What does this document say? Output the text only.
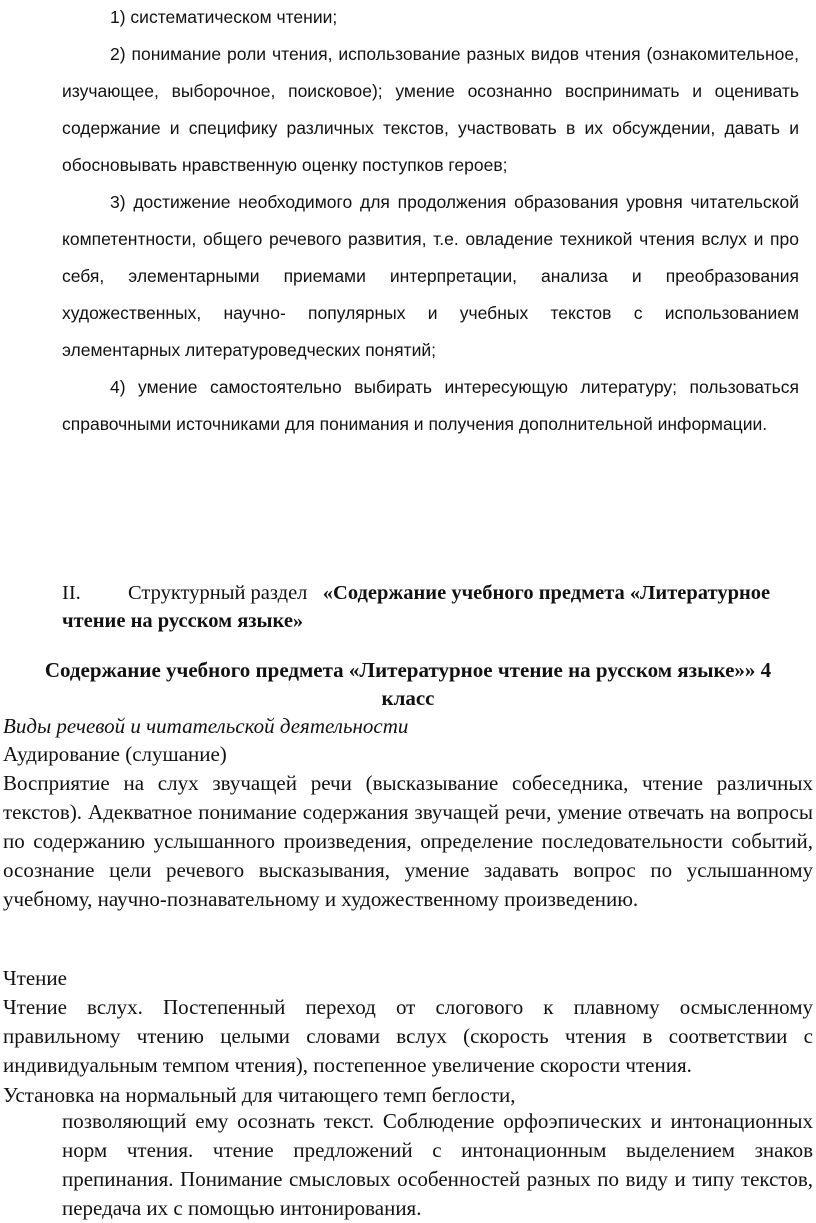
1) систематическом чтении;

2) понимание роли чтения, использование разных видов чтения (ознакомительное, изучающее, выборочное, поисковое); умение осознанно воспринимать и оценивать содержание и специфику различных текстов, участвовать в их обсуждении, давать и обосновывать нравственную оценку поступков героев;

3) достижение необходимого для продолжения образования уровня читательской компетентности, общего речевого развития, т.е. овладение техникой чтения вслух и про себя, элементарными приемами интерпретации, анализа и преобразования художественных, научно- популярных и учебных текстов с использованием элементарных литературоведческих понятий;

4) умение самостоятельно выбирать интересующую литературу; пользоваться справочными источниками для понимания и получения дополнительной информации.

II. Структурный раздел «Содержание учебного предмета «Литературное чтение на русском языке»
Содержание учебного предмета «Литературное чтение на русском языке»» 4 класс

Виды речевой и читательской деятельности

Аудирование (слушание)

Восприятие на слух звучащей речи (высказывание собеседника, чтение различных текстов). Адекватное понимание содержания звучащей речи, умение отвечать на вопросы по содержанию услышанного произведения, определение последовательности событий, осознание цели речевого высказывания, умение задавать вопрос по услышанному учебному, научно-познавательному и художественному произведению.

Чтение

Чтение вслух. Постепенный переход от слогового к плавному осмысленному правильному чтению целыми словами вслух (скорость чтения в соответствии с индивидуальным темпом чтения), постепенное увеличение скорости чтения.

Установка на нормальный для читающего темп беглости,

позволяющий ему осознать текст. Соблюдение орфоэпических и интонационных норм чтения. чтение предложений с интонационным выделением знаков препинания. Понимание смысловых особенностей разных по виду и типу текстов, передача их с помощью интонирования.
